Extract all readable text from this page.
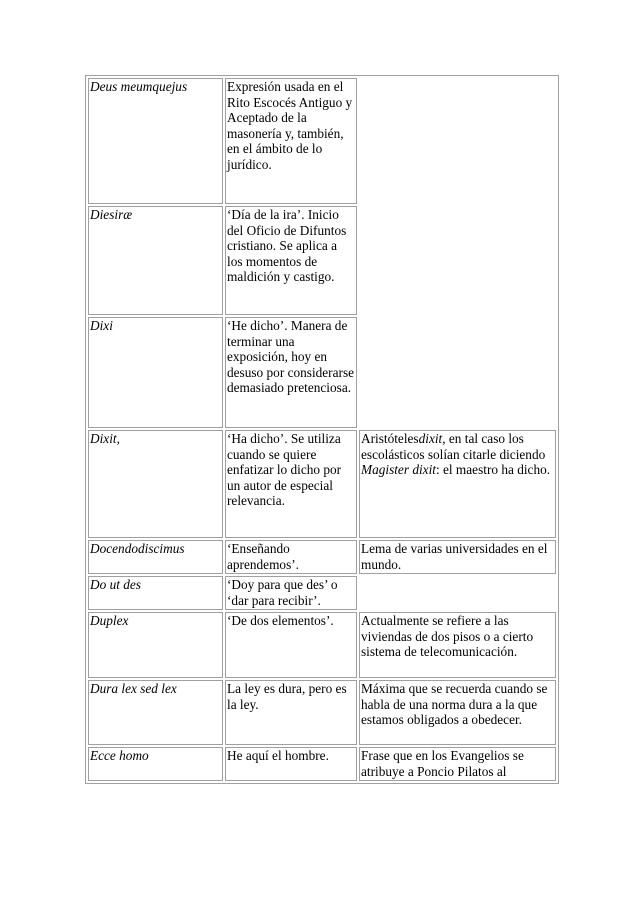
Deus meumquejus	Expresión usada en el Rito Escocés Antiguo y Aceptado de la masonería y, también, en el ámbito de lo jurídico.	
Diesiræ	‘Día de la ira’. Inicio del Oficio de Difuntos cristiano. Se aplica a los momentos de maldición y castigo.	
Dixi	‘He dicho’. Manera de terminar una exposición, hoy en desuso por considerarse demasiado pretenciosa.	
Dixit,	‘Ha dicho’. Se utiliza cuando se quiere enfatizar lo dicho por un autor de especial relevancia.	Aristótelesdixit, en tal caso los escolásticos solían citarle diciendo Magister dixit: el maestro ha dicho.
Docendodiscimus	‘Enseñando aprendemos’.	Lema de varias universidades en el mundo.
Do ut des	‘Doy para que des’ o ‘dar para recibir’.	
Duplex	‘De dos elementos’.	Actualmente se refiere a las viviendas de dos pisos o a cierto sistema de telecomunicación.
Dura lex sed lex	La ley es dura, pero es la ley.	Máxima que se recuerda cuando se habla de una norma dura a la que estamos obligados a obedecer.
Ecce homo	He aquí el hombre.	Frase que en los Evangelios se atribuye a Poncio Pilatos al
